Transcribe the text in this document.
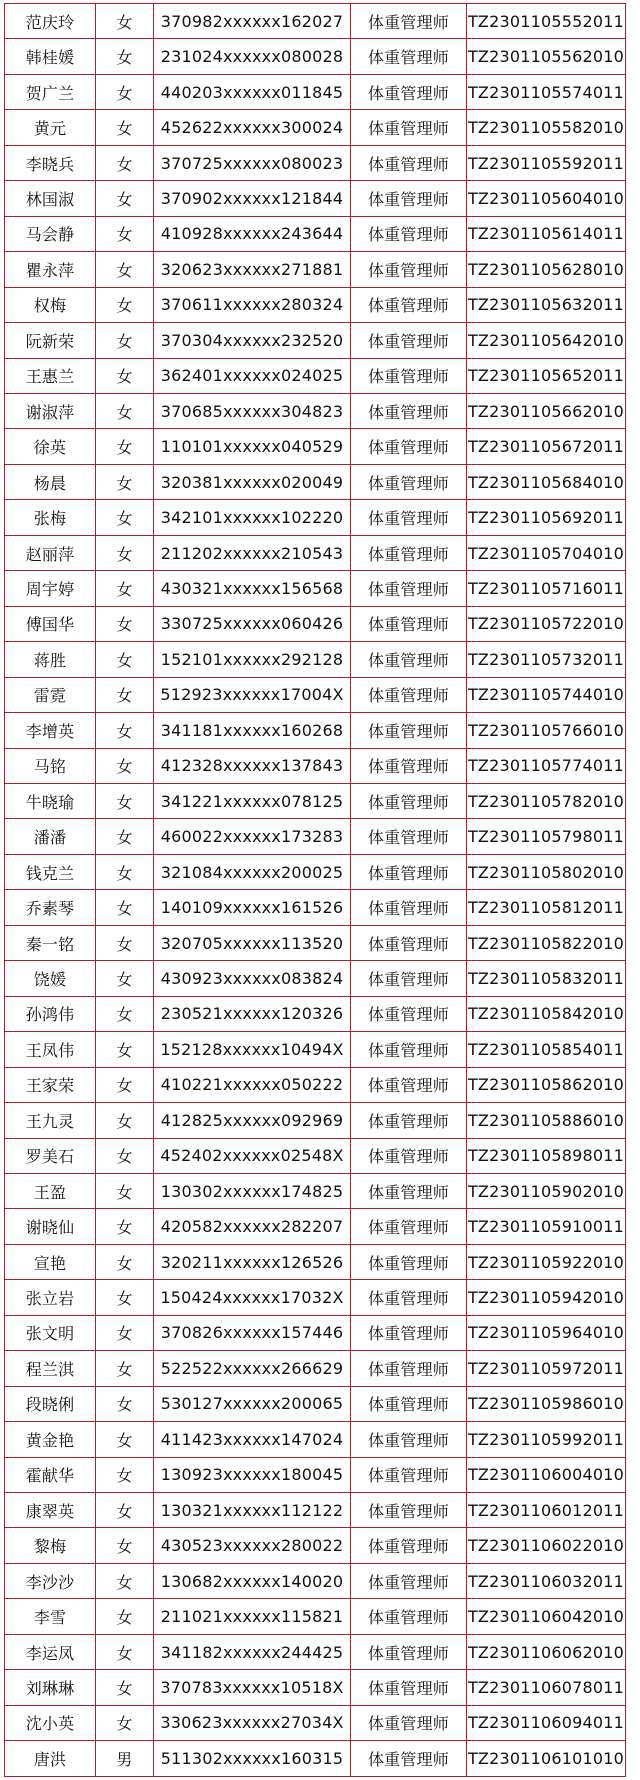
范庆玲	女	370982xxxxxx162027	体重管理师	TZ2301105552011
韩桂媛	女	231024xxxxxx080028	体重管理师	TZ2301105562010
贺广兰	女	440203xxxxxx011845	体重管理师	TZ2301105574011
黄元	女	452622xxxxxx300024	体重管理师	TZ2301105582010
李晓兵	女	370725xxxxxx080023	体重管理师	TZ2301105592011
林国淑	女	370902xxxxxx121844	体重管理师	TZ2301105604010
马会静	女	410928xxxxxx243644	体重管理师	TZ2301105614011
瞿永萍	女	320623xxxxxx271881	体重管理师	TZ2301105628010
权梅	女	370611xxxxxx280324	体重管理师	TZ2301105632011
阮新荣	女	370304xxxxxx232520	体重管理师	TZ2301105642010
王惠兰	女	362401xxxxxx024025	体重管理师	TZ2301105652011
谢淑萍	女	370685xxxxxx304823	体重管理师	TZ2301105662010
徐英	女	110101xxxxxx040529	体重管理师	TZ2301105672011
杨晨	女	320381xxxxxx020049	体重管理师	TZ2301105684010
张梅	女	342101xxxxxx102220	体重管理师	TZ2301105692011
赵丽萍	女	211202xxxxxx210543	体重管理师	TZ2301105704010
周宇婷	女	430321xxxxxx156568	体重管理师	TZ2301105716011
傅国华	女	330725xxxxxx060426	体重管理师	TZ2301105722010
蒋胜	女	152101xxxxxx292128	体重管理师	TZ2301105732011
雷霓	女	512923xxxxxx17004X	体重管理师	TZ2301105744010
李增英	女	341181xxxxxx160268	体重管理师	TZ2301105766010
马铭	女	412328xxxxxx137843	体重管理师	TZ2301105774011
牛晓瑜	女	341221xxxxxx078125	体重管理师	TZ2301105782010
潘潘	女	460022xxxxxx173283	体重管理师	TZ2301105798011
钱克兰	女	321084xxxxxx200025	体重管理师	TZ2301105802010
乔素琴	女	140109xxxxxx161526	体重管理师	TZ2301105812011
秦一铭	女	320705xxxxxx113520	体重管理师	TZ2301105822010
饶媛	女	430923xxxxxx083824	体重管理师	TZ2301105832011
孙鸿伟	女	230521xxxxxx120326	体重管理师	TZ2301105842010
王凤伟	女	152128xxxxxx10494X	体重管理师	TZ2301105854011
王家荣	女	410221xxxxxx050222	体重管理师	TZ2301105862010
王九灵	女	412825xxxxxx092969	体重管理师	TZ2301105886010
罗美石	女	452402xxxxxx02548X	体重管理师	TZ2301105898011
王盈	女	130302xxxxxx174825	体重管理师	TZ2301105902010
谢晓仙	女	420582xxxxxx282207	体重管理师	TZ2301105910011
宣艳	女	320211xxxxxx126526	体重管理师	TZ2301105922010
张立岩	女	150424xxxxxx17032X	体重管理师	TZ2301105942010
张文明	女	370826xxxxxx157446	体重管理师	TZ2301105964010
程兰淇	女	522522xxxxxx266629	体重管理师	TZ2301105972011
段晓俐	女	530127xxxxxx200065	体重管理师	TZ2301105986010
黄金艳	女	411423xxxxxx147024	体重管理师	TZ2301105992011
霍献华	女	130923xxxxxx180045	体重管理师	TZ2301106004010
康翠英	女	130321xxxxxx112122	体重管理师	TZ2301106012011
黎梅	女	430523xxxxxx280022	体重管理师	TZ2301106022010
李沙沙	女	130682xxxxxx140020	体重管理师	TZ2301106032011
李雪	女	211021xxxxxx115821	体重管理师	TZ2301106042010
李运凤	女	341182xxxxxx244425	体重管理师	TZ2301106062010
刘琳琳	女	370783xxxxxx10518X	体重管理师	TZ2301106078011
沈小英	女	330623xxxxxx27034X	体重管理师	TZ2301106094011
唐洪	男	511302xxxxxx160315	体重管理师	TZ2301106101010
